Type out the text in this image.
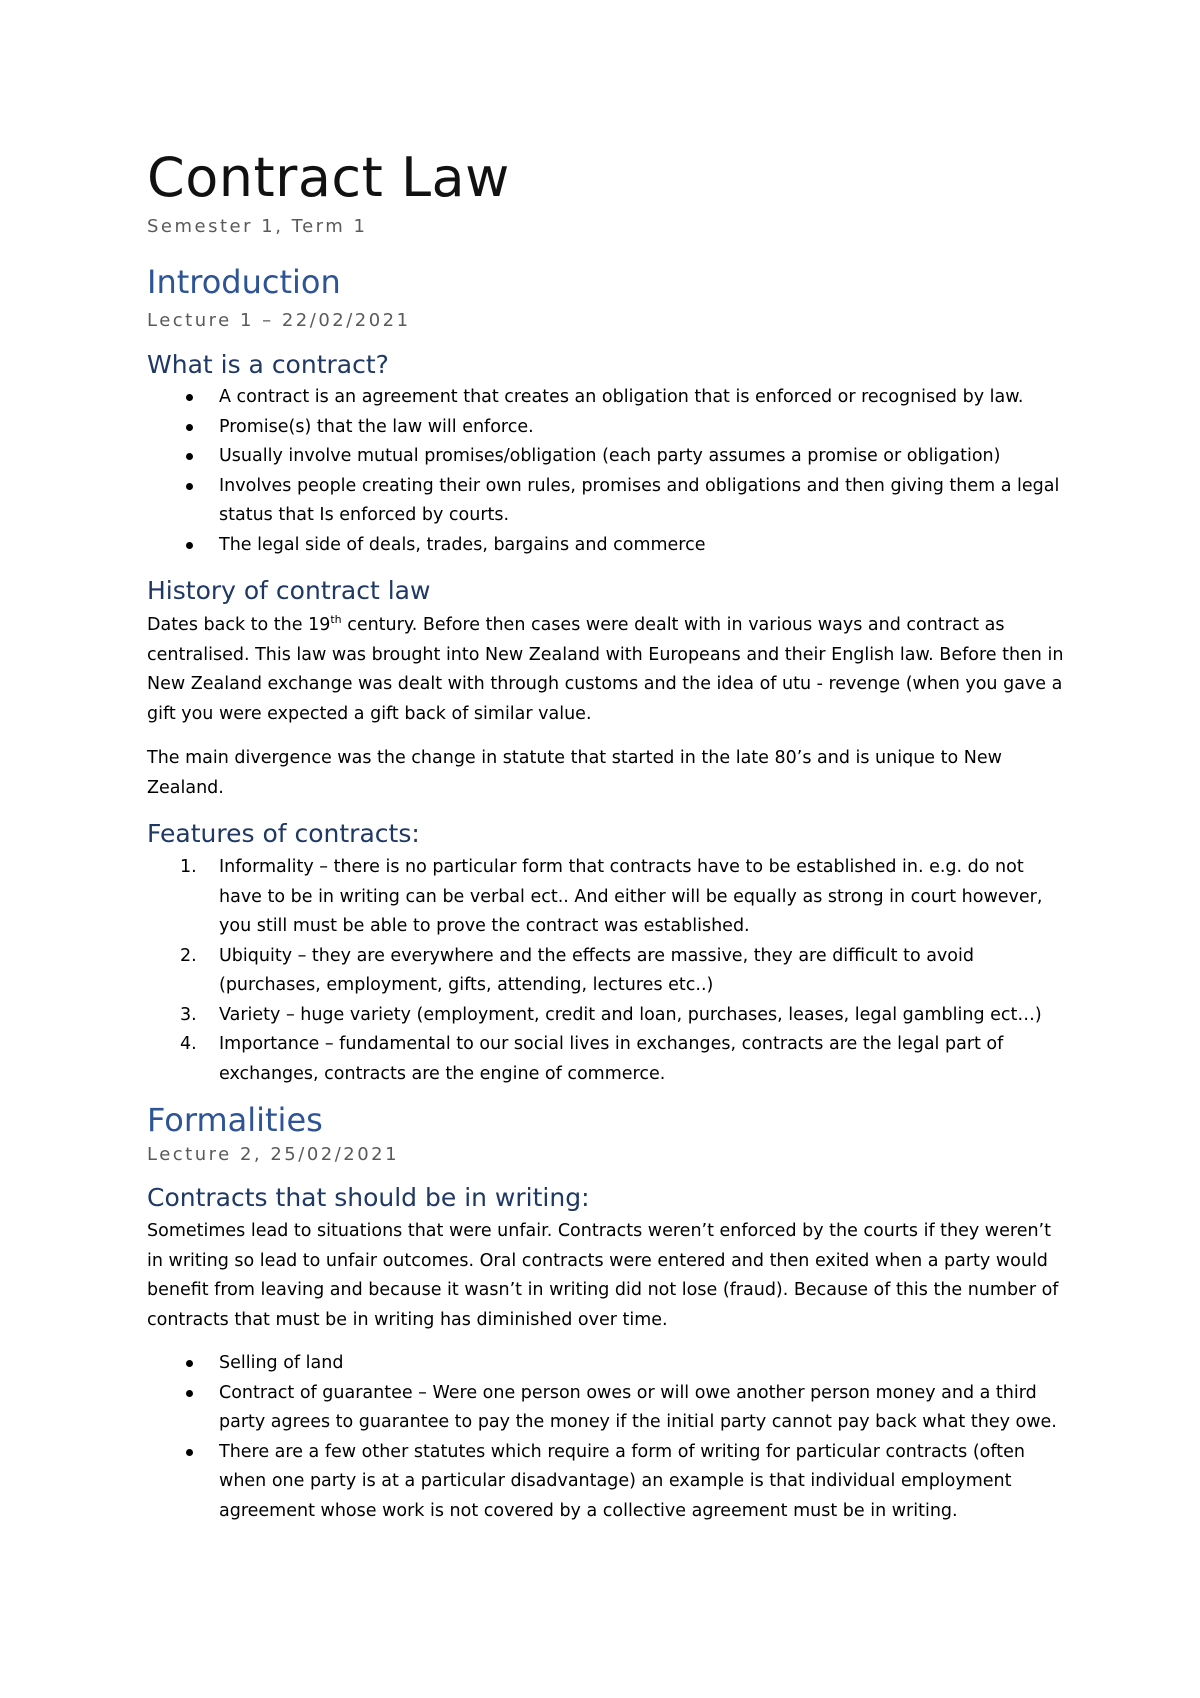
Contract Law
Semester 1, Term 1
Introduction
Lecture 1 – 22/02/2021
What is a contract?
A contract is an agreement that creates an obligation that is enforced or recognised by law.
Promise(s) that the law will enforce.
Usually involve mutual promises/obligation (each party assumes a promise or obligation)
Involves people creating their own rules, promises and obligations and then giving them a legal status that Is enforced by courts.
The legal side of deals, trades, bargains and commerce
History of contract law
Dates back to the 19th century. Before then cases were dealt with in various ways and contract as centralised. This law was brought into New Zealand with Europeans and their English law. Before then in New Zealand exchange was dealt with through customs and the idea of utu - revenge (when you gave a gift you were expected a gift back of similar value.
The main divergence was the change in statute that started in the late 80’s and is unique to New Zealand.
Features of contracts:
1. Informality – there is no particular form that contracts have to be established in. e.g. do not have to be in writing can be verbal ect.. And either will be equally as strong in court however, you still must be able to prove the contract was established.
2. Ubiquity – they are everywhere and the effects are massive, they are difficult to avoid (purchases, employment, gifts, attending, lectures etc..)
3. Variety – huge variety (employment, credit and loan, purchases, leases, legal gambling ect…)
4. Importance – fundamental to our social lives in exchanges, contracts are the legal part of exchanges, contracts are the engine of commerce.
Formalities
Lecture 2, 25/02/2021
Contracts that should be in writing:
Sometimes lead to situations that were unfair. Contracts weren’t enforced by the courts if they weren’t in writing so lead to unfair outcomes. Oral contracts were entered and then exited when a party would benefit from leaving and because it wasn’t in writing did not lose (fraud). Because of this the number of contracts that must be in writing has diminished over time.
Selling of land
Contract of guarantee – Were one person owes or will owe another person money and a third party agrees to guarantee to pay the money if the initial party cannot pay back what they owe.
There are a few other statutes which require a form of writing for particular contracts (often when one party is at a particular disadvantage) an example is that individual employment agreement whose work is not covered by a collective agreement must be in writing.
